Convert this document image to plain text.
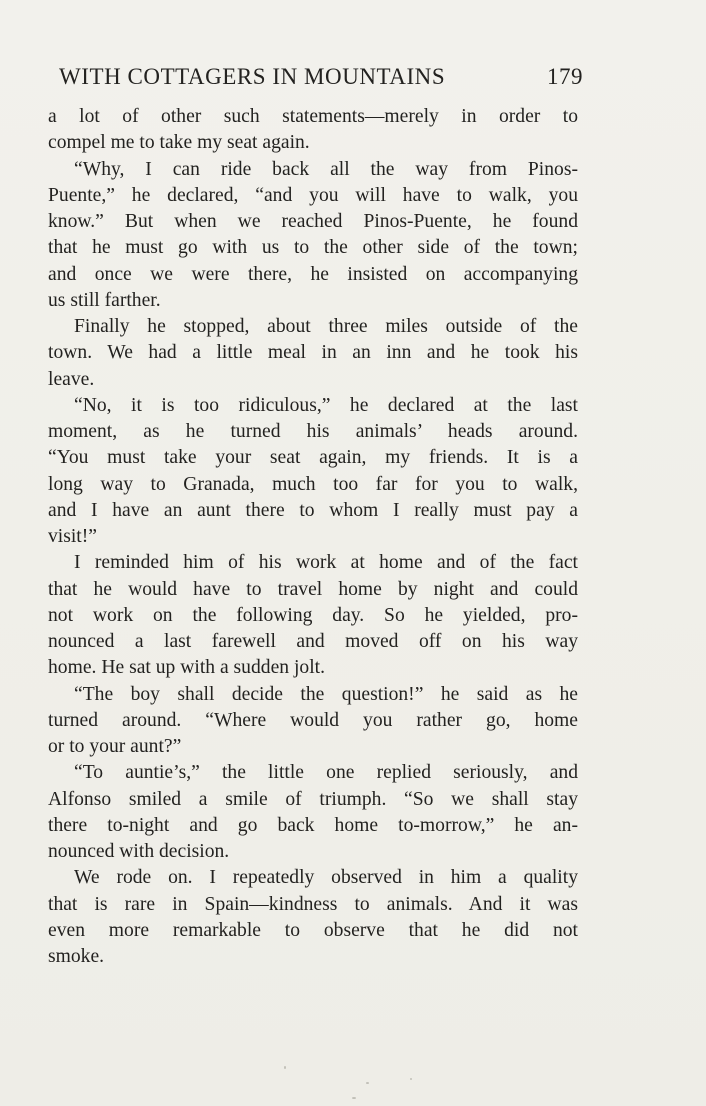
WITH COTTAGERS IN MOUNTAINS	179
a lot of other such statements—merely in order to
compel me to take my seat again.
“Why, I can ride back all the way from Pinos-
Puente,” he declared, “and you will have to walk, you
know.” But when we reached Pinos-Puente, he found
that he must go with us to the other side of the town;
and once we were there, he insisted on accompanying
us still farther.
Finally he stopped, about three miles outside of the
town. We had a little meal in an inn and he took his
leave.
“No, it is too ridiculous,” he declared at the last
moment, as he turned his animals’ heads around.
“You must take your seat again, my friends. It is a
long way to Granada, much too far for you to walk,
and I have an aunt there to whom I really must pay a
visit!”
I reminded him of his work at home and of the fact
that he would have to travel home by night and could
not work on the following day. So he yielded, pro-
nounced a last farewell and moved off on his way
home. He sat up with a sudden jolt.
“The boy shall decide the question!” he said as he
turned around. “Where would you rather go, home
or to your aunt?”
“To auntie’s,” the little one replied seriously, and
Alfonso smiled a smile of triumph. “So we shall stay
there to-night and go back home to-morrow,” he an-
nounced with decision.
We rode on. I repeatedly observed in him a quality
that is rare in Spain—kindness to animals. And it was
even more remarkable to observe that he did not
smoke.
